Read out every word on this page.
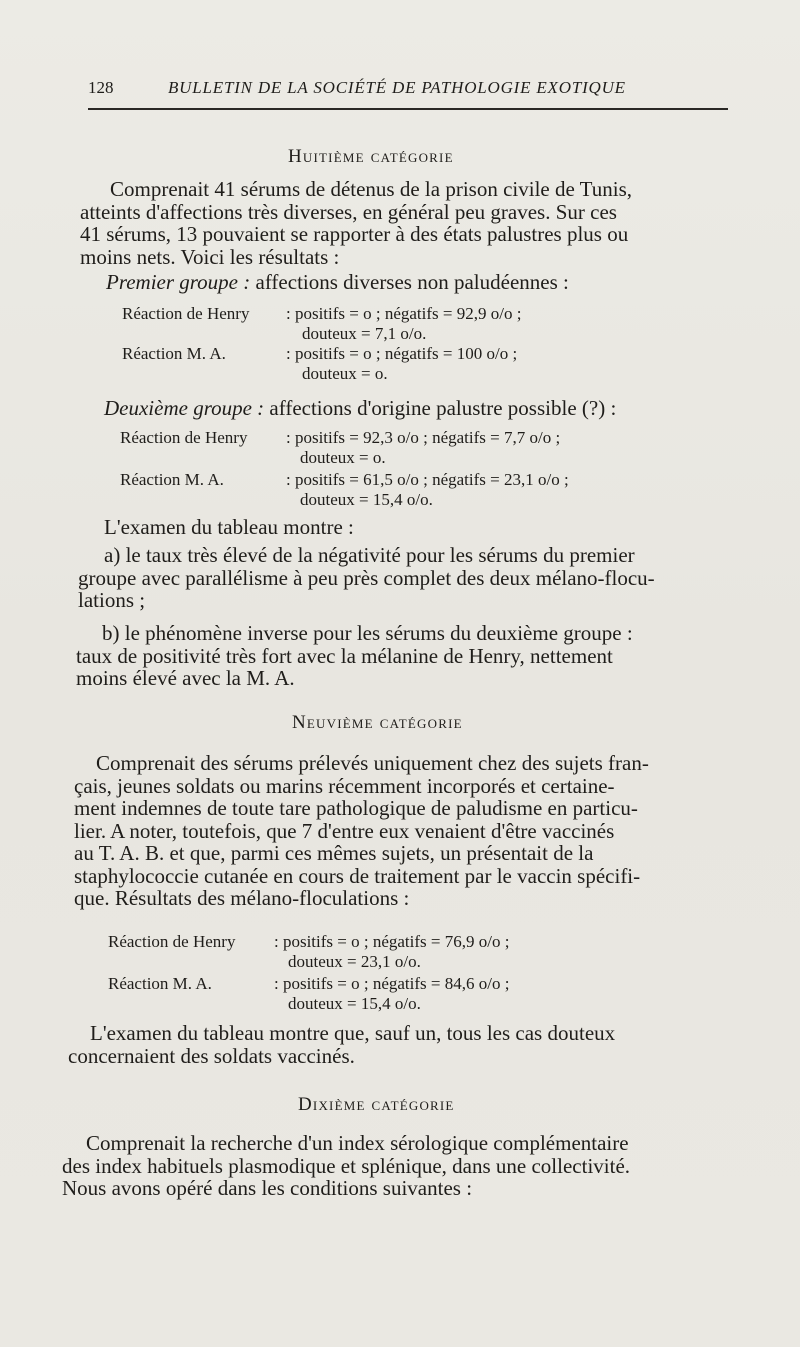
128	BULLETIN DE LA SOCIÉTÉ DE PATHOLOGIE EXOTIQUE
Huitième catégorie
Comprenait 41 sérums de détenus de la prison civile de Tunis,
atteints d'affections très diverses, en général peu graves. Sur ces
41 sérums, 13 pouvaient se rapporter à des états palustres plus ou
moins nets. Voici les résultats :
Premier groupe : affections diverses non paludéennes :
Réaction de Henry : positifs = o ; négatifs = 92,9 o/o ;
douteux = 7,1 o/o.
Réaction M. A.	: positifs = o ; négatifs = 100 o/o ;
douteux = o.
Deuxième groupe : affections d'origine palustre possible (?) :
Réaction de Henry : positifs = 92,3 o/o ; négatifs = 7,7 o/o ;
douteux = o.
Réaction M. A.	: positifs = 61,5 o/o ; négatifs = 23,1 o/o ;
douteux = 15,4 o/o.
L'examen du tableau montre :
a) le taux très élevé de la négativité pour les sérums du premier
groupe avec parallélisme à peu près complet des deux mélano-flocu-
lations ;
b) le phénomène inverse pour les sérums du deuxième groupe :
taux de positivité très fort avec la mélanine de Henry, nettement
moins élevé avec la M. A.
Neuvième catégorie
Comprenait des sérums prélevés uniquement chez des sujets fran-
çais, jeunes soldats ou marins récemment incorporés et certaine-
ment indemnes de toute tare pathologique de paludisme en particu-
lier. A noter, toutefois, que 7 d'entre eux venaient d'être vaccinés
au T. A. B. et que, parmi ces mêmes sujets, un présentait de la
staphylococcie cutanée en cours de traitement par le vaccin spécifi-
que. Résultats des mélano-floculations :
Réaction de Henry : positifs = o ; négatifs = 76,9 o/o ;
douteux = 23,1 o/o.
Réaction M. A.	: positifs = o ; négatifs = 84,6 o/o ;
douteux = 15,4 o/o.
L'examen du tableau montre que, sauf un, tous les cas douteux
concernaient des soldats vaccinés.
Dixième catégorie
Comprenait la recherche d'un index sérologique complémentaire
des index habituels plasmodique et splénique, dans une collectivité.
Nous avons opéré dans les conditions suivantes :
